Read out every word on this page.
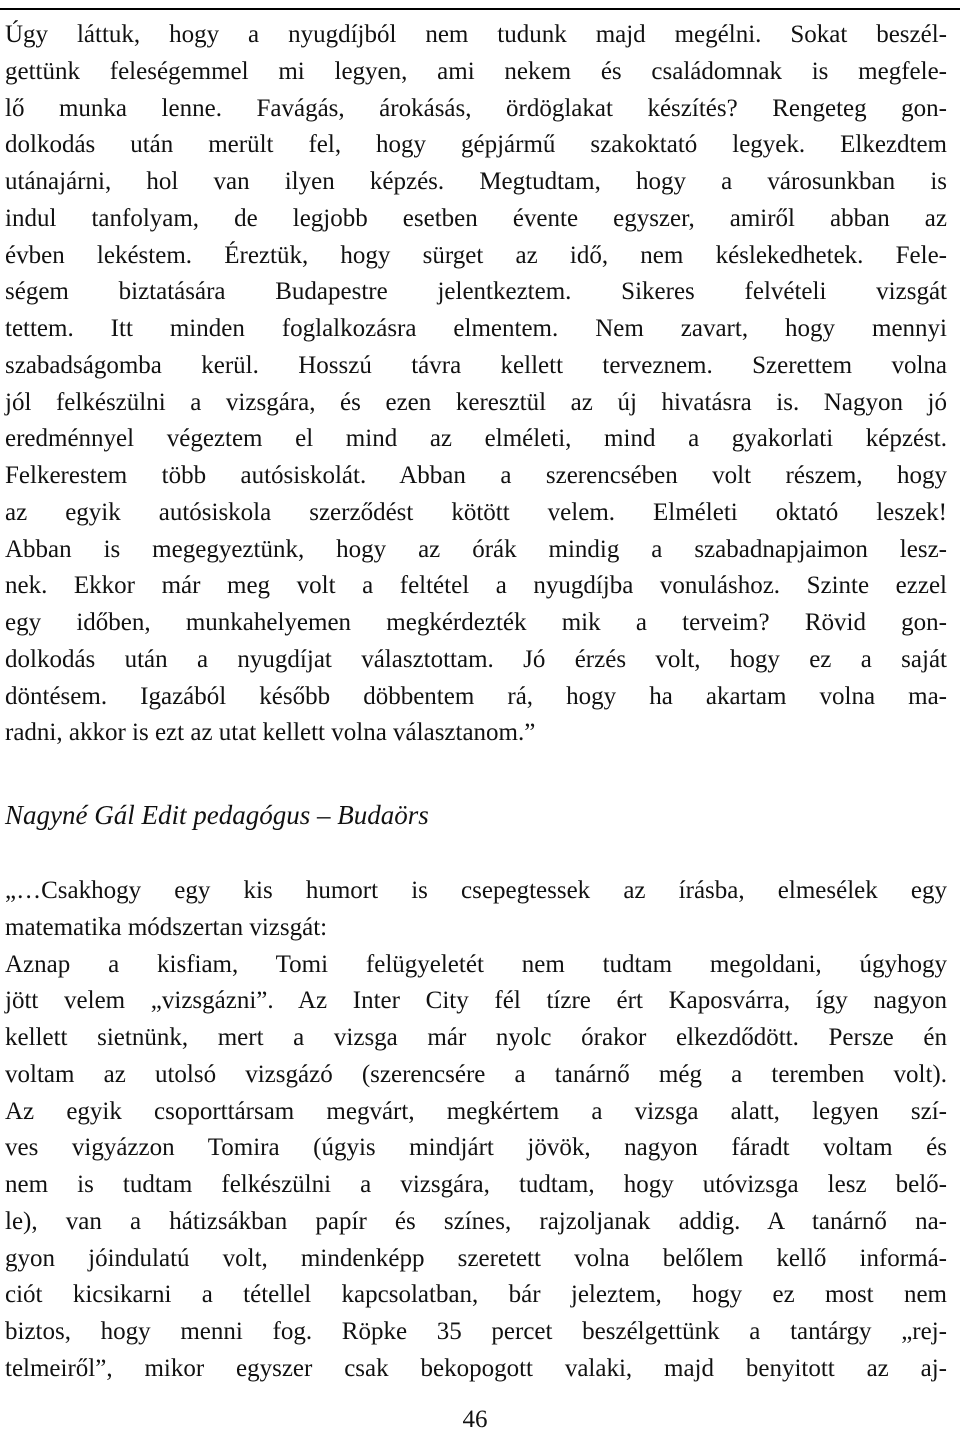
Úgy láttuk, hogy a nyugdíjból nem tudunk majd megélni. Sokat beszél-
gettünk feleségemmel mi legyen, ami nekem és családomnak is megfele-
lő munka lenne. Favágás, árokásás, ördöglakat készítés? Rengeteg gon-
dolkodás után merült fel, hogy gépjármű szakoktató legyek. Elkezdtem
utánajárni, hol van ilyen képzés. Megtudtam, hogy a városunkban is
indul tanfolyam, de legjobb esetben évente egyszer, amiről abban az
évben lekéstem. Éreztük, hogy sürget az idő, nem késlekedhetek. Fele-
ségem biztatására Budapestre jelentkeztem. Sikeres felvételi vizsgát
tettem. Itt minden foglalkozásra elmentem. Nem zavart, hogy mennyi
szabadságomba kerül. Hosszú távra kellett terveznem. Szerettem volna
jól felkészülni a vizsgára, és ezen keresztül az új hivatásra is. Nagyon jó
eredménnyel végeztem el mind az elméleti, mind a gyakorlati képzést.
Felkerestem több autósiskolát. Abban a szerencsében volt részem, hogy
az egyik autósiskola szerződést kötött velem. Elméleti oktató leszek!
Abban is megegyeztünk, hogy az órák mindig a szabadnapjaimon lesz-
nek. Ekkor már meg volt a feltétel a nyugdíjba vonuláshoz. Szinte ezzel
egy időben, munkahelyemen megkérdezték mik a terveim? Rövid gon-
dolkodás után a nyugdíjat választottam. Jó érzés volt, hogy ez a saját
döntésem. Igazából később döbbentem rá, hogy ha akartam volna ma-
radni, akkor is ezt az utat kellett volna választanom.”

Nagyné Gál Edit pedagógus – Budaörs

„…Csakhogy egy kis humort is csepegtessek az írásba, elmesélek egy
matematika módszertan vizsgát:
Aznap a kisfiam, Tomi felügyeletét nem tudtam megoldani, úgyhogy
jött velem „vizsgázni”. Az Inter City fél tízre ért Kaposvárra, így nagyon
kellett sietnünk, mert a vizsga már nyolc órakor elkezdődött. Persze én
voltam az utolsó vizsgázó (szerencsére a tanárnő még a teremben volt).
Az egyik csoporttársam megvárt, megkértem a vizsga alatt, legyen szí-
ves vigyázzon Tomira (úgyis mindjárt jövök, nagyon fáradt voltam és
nem is tudtam felkészülni a vizsgára, tudtam, hogy utóvizsga lesz belő-
le), van a hátizsákban papír és színes, rajzoljanak addig. A tanárnő na-
gyon jóindulatú volt, mindenképp szeretett volna belőlem kellő informá-
ciót kicsikarni a tétellel kapcsolatban, bár jeleztem, hogy ez most nem
biztos, hogy menni fog. Röpke 35 percet beszélgettünk a tantárgy „rej-
telmeiről”, mikor egyszer csak bekopogott valaki, majd benyitott az aj-
46
